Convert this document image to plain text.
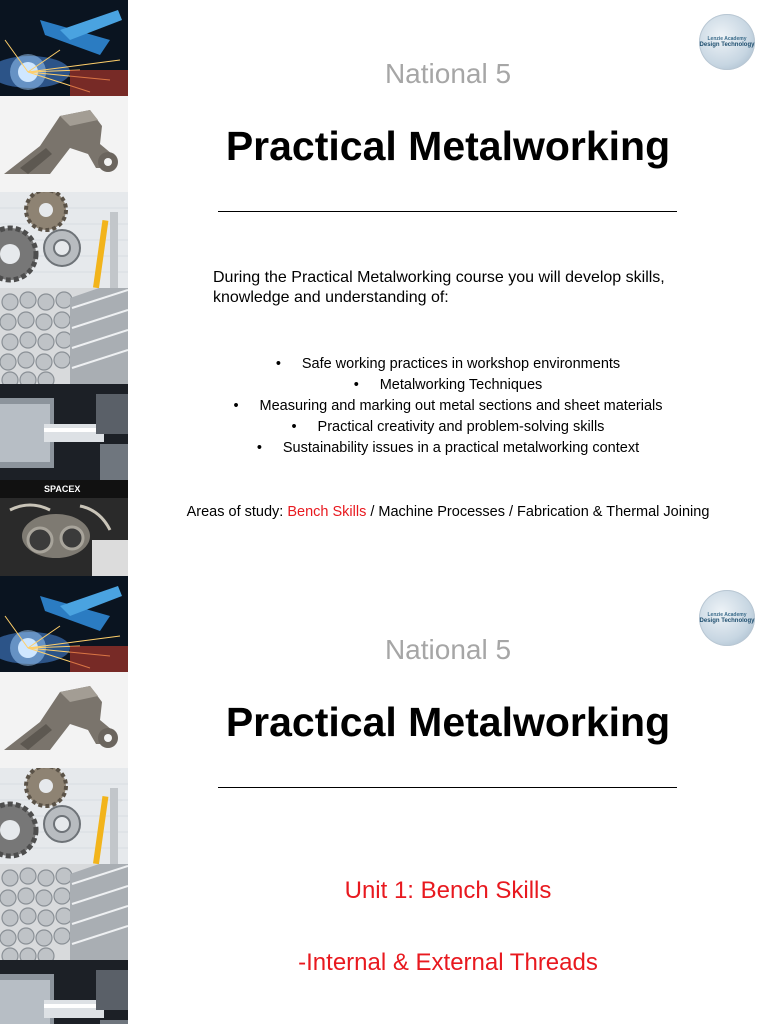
SPACEX
Lenzie Academy
Design Technology
National 5
Practical Metalworking
During the Practical Metalworking course you will develop skills, knowledge and understanding of:
• Safe working practices in workshop environments
• Metalworking Techniques
• Measuring and marking out metal sections and sheet materials
• Practical creativity and problem-solving skills
• Sustainability issues in a practical metalworking context
Areas of study: Bench Skills / Machine Processes / Fabrication & Thermal Joining
Lenzie Academy
Design Technology
National 5
Practical Metalworking
Unit 1: Bench Skills
-Internal & External Threads
